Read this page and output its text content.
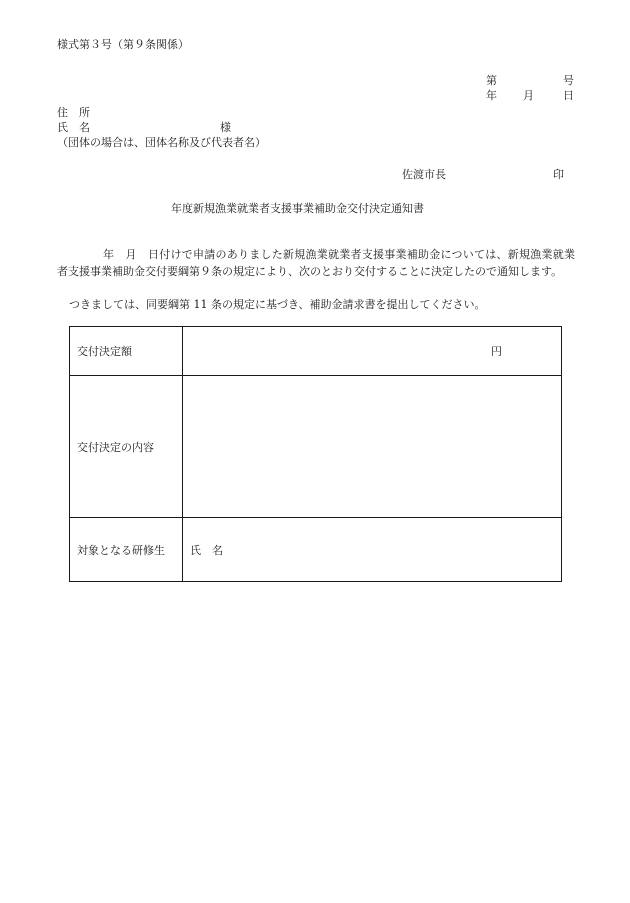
様式第３号（第９条関係）
第	号
年 月	日
住　所
氏　名	様
（団体の場合は、団体名称及び代表者名）
佐渡市長	印
年度新規漁業就業者支援事業補助金交付決定通知書
年　月　日付けで申請のありました新規漁業就業者支援事業補助金については、新規漁業就業者支援事業補助金交付要綱第９条の規定により、次のとおり交付することに決定したので通知します。
つきましては、同要綱第 11 条の規定に基づき、補助金請求書を提出してください。
交付決定額	円

交付決定の内容	
対象となる研修生	氏　名
